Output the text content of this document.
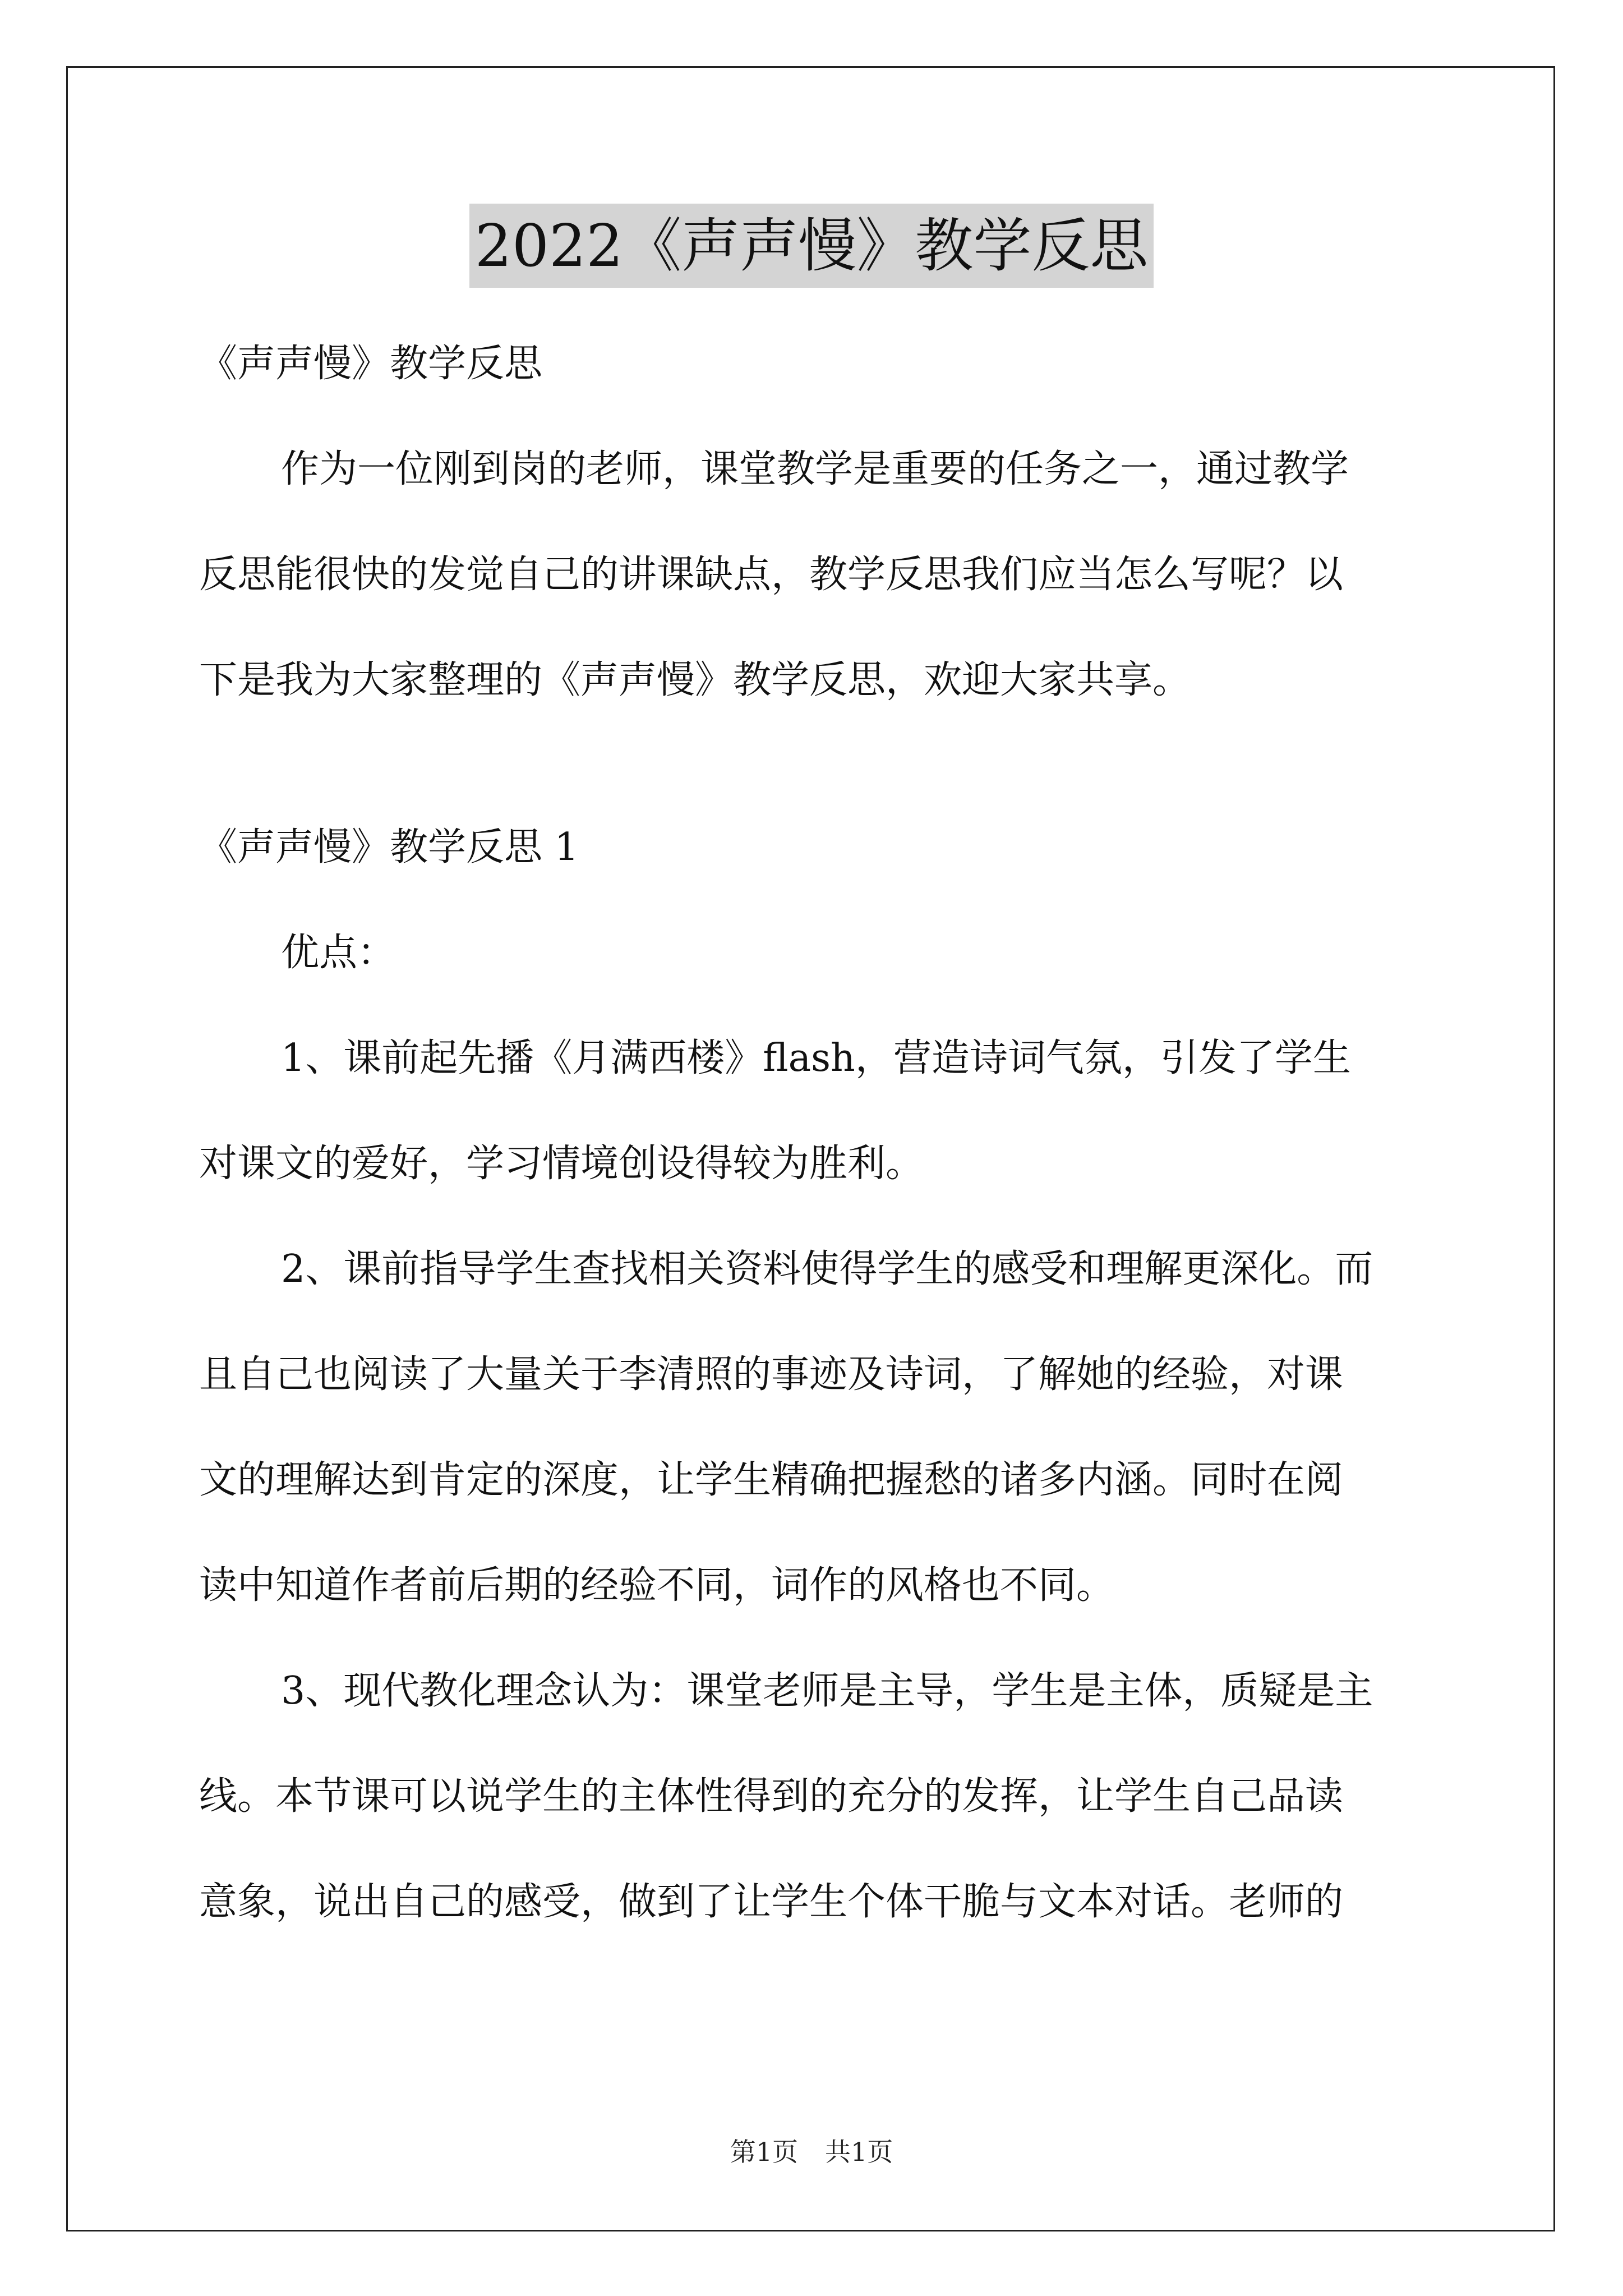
2022《声声慢》教学反思
《声声慢》教学反思
作为一位刚到岗的老师，课堂教学是重要的任务之一，通过教学
反思能很快的发觉自己的讲课缺点，教学反思我们应当怎么写呢？以
下是我为大家整理的《声声慢》教学反思，欢迎大家共享。
《声声慢》教学反思 1
优点：
1、课前起先播《月满西楼》flash，营造诗词气氛，引发了学生
对课文的爱好，学习情境创设得较为胜利。
2、课前指导学生查找相关资料使得学生的感受和理解更深化。而
且自己也阅读了大量关于李清照的事迹及诗词，了解她的经验，对课
文的理解达到肯定的深度，让学生精确把握愁的诸多内涵。同时在阅
读中知道作者前后期的经验不同，词作的风格也不同。
3、现代教化理念认为：课堂老师是主导，学生是主体，质疑是主
线。本节课可以说学生的主体性得到的充分的发挥，让学生自己品读
意象，说出自己的感受，做到了让学生个体干脆与文本对话。老师的
第1页 共1页
